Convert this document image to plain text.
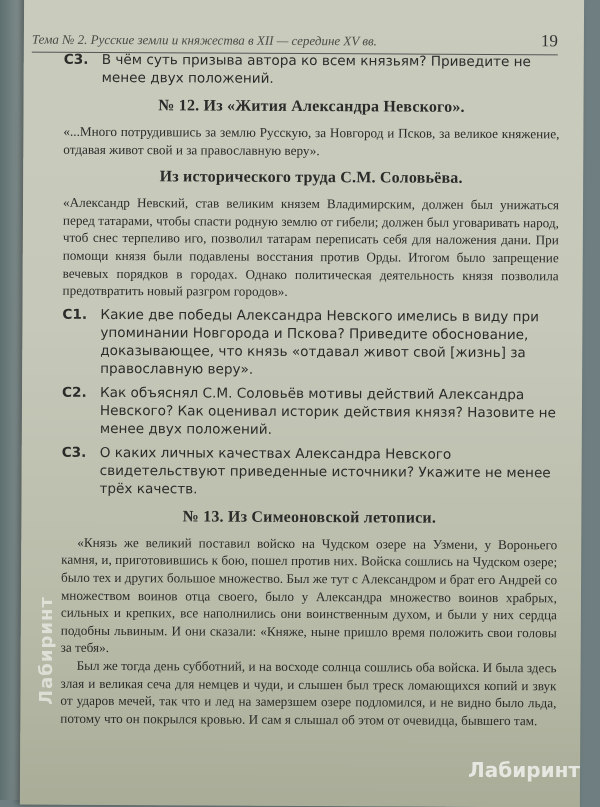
Тема № 2. Русские земли и княжества в XII — середине XV вв.	19
С3. В чём суть призыва автора ко всем князьям? Приведите не менее двух положений.
№ 12. Из «Жития Александра Невского».
«...Много потрудившись за землю Русскую, за Новгород и Псков, за великое княжение, отдавая живот свой и за православную веру».
Из исторического труда С.М. Соловьёва.
«Александр Невский, став великим князем Владимирским, должен был унижаться перед татарами, чтобы спасти родную землю от гибели; должен был уговаривать народ, чтоб снес терпеливо иго, позволил татарам переписать себя для наложения дани. При помощи князя были подавлены восстания против Орды. Итогом было запрещение вечевых порядков в городах. Однако политическая деятельность князя позволила предотвратить новый разгром городов».
С1. Какие две победы Александра Невского имелись в виду при упоминании Новгорода и Пскова? Приведите обоснование, доказывающее, что князь «отдавал живот свой [жизнь] за православную веру».
С2. Как объяснял С.М. Соловьёв мотивы действий Александра Невского? Как оценивал историк действия князя? Назовите не менее двух положений.
С3. О каких личных качествах Александра Невского свидетельствуют приведенные источники? Укажите не менее трёх качеств.
№ 13. Из Симеоновской летописи.
«Князь же великий поставил войско на Чудском озере на Узмени, у Вороньего камня, и, приготовившись к бою, пошел против них. Войска сошлись на Чудском озере; было тех и других большое множество. Был же тут с Александром и брат его Андрей со множеством воинов отца своего, было у Александра множество воинов храбрых, сильных и крепких, все наполнились они воинственным духом, и были у них сердца подобны львиным. И они сказали: «Княже, ныне пришло время положить свои головы за тебя».
Был же тогда день субботний, и на восходе солнца сошлись оба войска. И была здесь злая и великая сеча для немцев и чуди, и слышен был треск ломающихся копий и звук от ударов мечей, так что и лед на замерзшем озере подломился, и не видно было льда, потому что он покрылся кровью. И сам я слышал об этом от очевидца, бывшего там.
Лабиринт
Лабиринт
